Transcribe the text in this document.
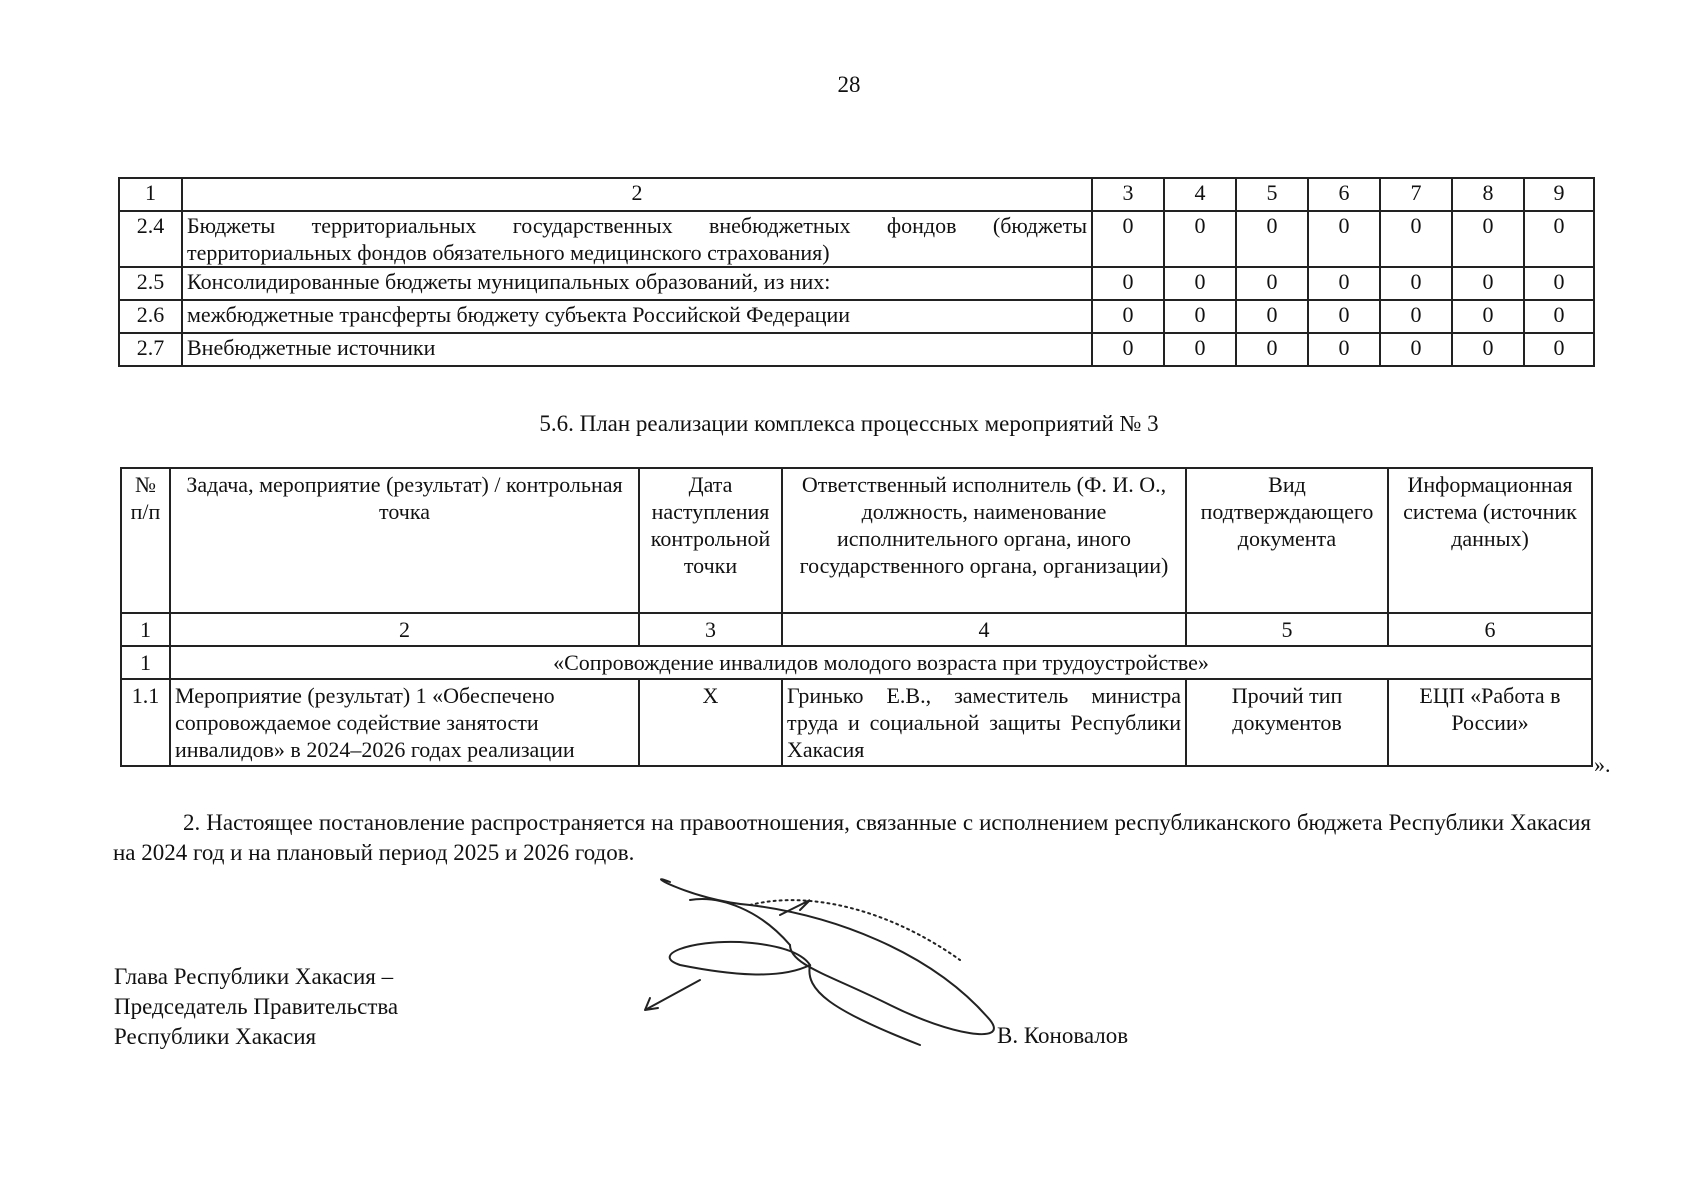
28
1	2	3	4	5	6	7	8	9
2.4	Бюджеты территориальных государственных внебюджетных фондов (бюджеты территориальных фондов обязательного медицинского страхования)	0	0	0	0	0	0	0
2.5	Консолидированные бюджеты муниципальных образований, из них:	0	0	0	0	0	0	0
2.6	межбюджетные трансферты бюджету субъекта Российской Федерации	0	0	0	0	0	0	0
2.7	Внебюджетные источники	0	0	0	0	0	0	0
5.6. План реализации комплекса процессных мероприятий № 3
№ п/п	Задача, мероприятие (результат) / контрольная точка	Дата наступления контрольной точки	Ответственный исполнитель (Ф. И. О., должность, наименование исполнительного органа, иного государственного органа, организации)	Вид подтверждающего документа	Информационная система (источник данных)
1	2	3	4	5	6
1	«Сопровождение инвалидов молодого возраста при трудоустройстве»				
1.1	Мероприятие (результат) 1 «Обеспечено сопровождаемое содействие занятости инвалидов» в 2024–2026 годах реализации	Х	Гринько Е.В., заместитель министра труда и социальной защиты Республики Хакасия	Прочий тип документов	ЕЦП «Работа в России»
».

2. Настоящее постановление распространяется на правоотношения, связанные с исполнением республиканского бюджета Республики Хакасия на 2024 год и на плановый период 2025 и 2026 годов.

Глава Республики Хакасия –
Председатель Правительства
Республики Хакасия	В. Коновалов
